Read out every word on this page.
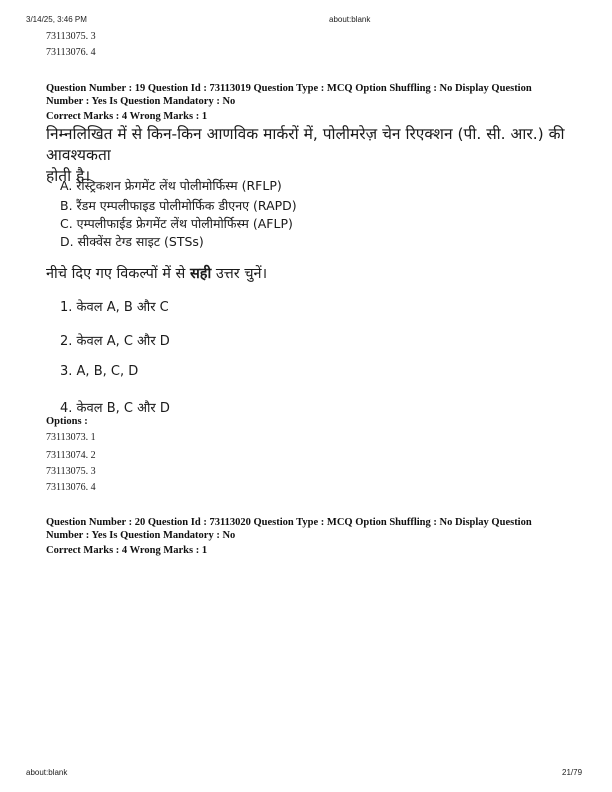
3/14/25, 3:46 PM	about:blank
73113075. 3
73113076. 4
Question Number : 19 Question Id : 73113019 Question Type : MCQ Option Shuffling : No Display Question
Number : Yes Is Question Mandatory : No
Correct Marks : 4 Wrong Marks : 1
निम्नलिखित में से किन-किन आणविक मार्करों में, पोलीमरेज़ चेन रिएक्शन (पी. सी. आर.) की आवश्यकता
होती है।
A. रेस्ट्रिकशन फ्रेगमेंट लेंथ पोलीमोर्फिस्म (RFLP)
B. रैंडम एम्पलीफाइड पोलीमोर्फिक डीएनए (RAPD)
C. एम्पलीफाईड फ्रेगमेंट लेंथ पोलीमोर्फिस्म (AFLP)
D. सीक्वेंस टेग्ड साइट (STSs)
नीचे दिए गए विकल्पों में से सही उत्तर चुनें।
1. केवल A, B और C
2. केवल A, C और D
3. A, B, C, D
4. केवल B, C और D
Options :
73113073. 1
73113074. 2
73113075. 3
73113076. 4
Question Number : 20 Question Id : 73113020 Question Type : MCQ Option Shuffling : No Display Question
Number : Yes Is Question Mandatory : No
Correct Marks : 4 Wrong Marks : 1
about:blank	21/79
